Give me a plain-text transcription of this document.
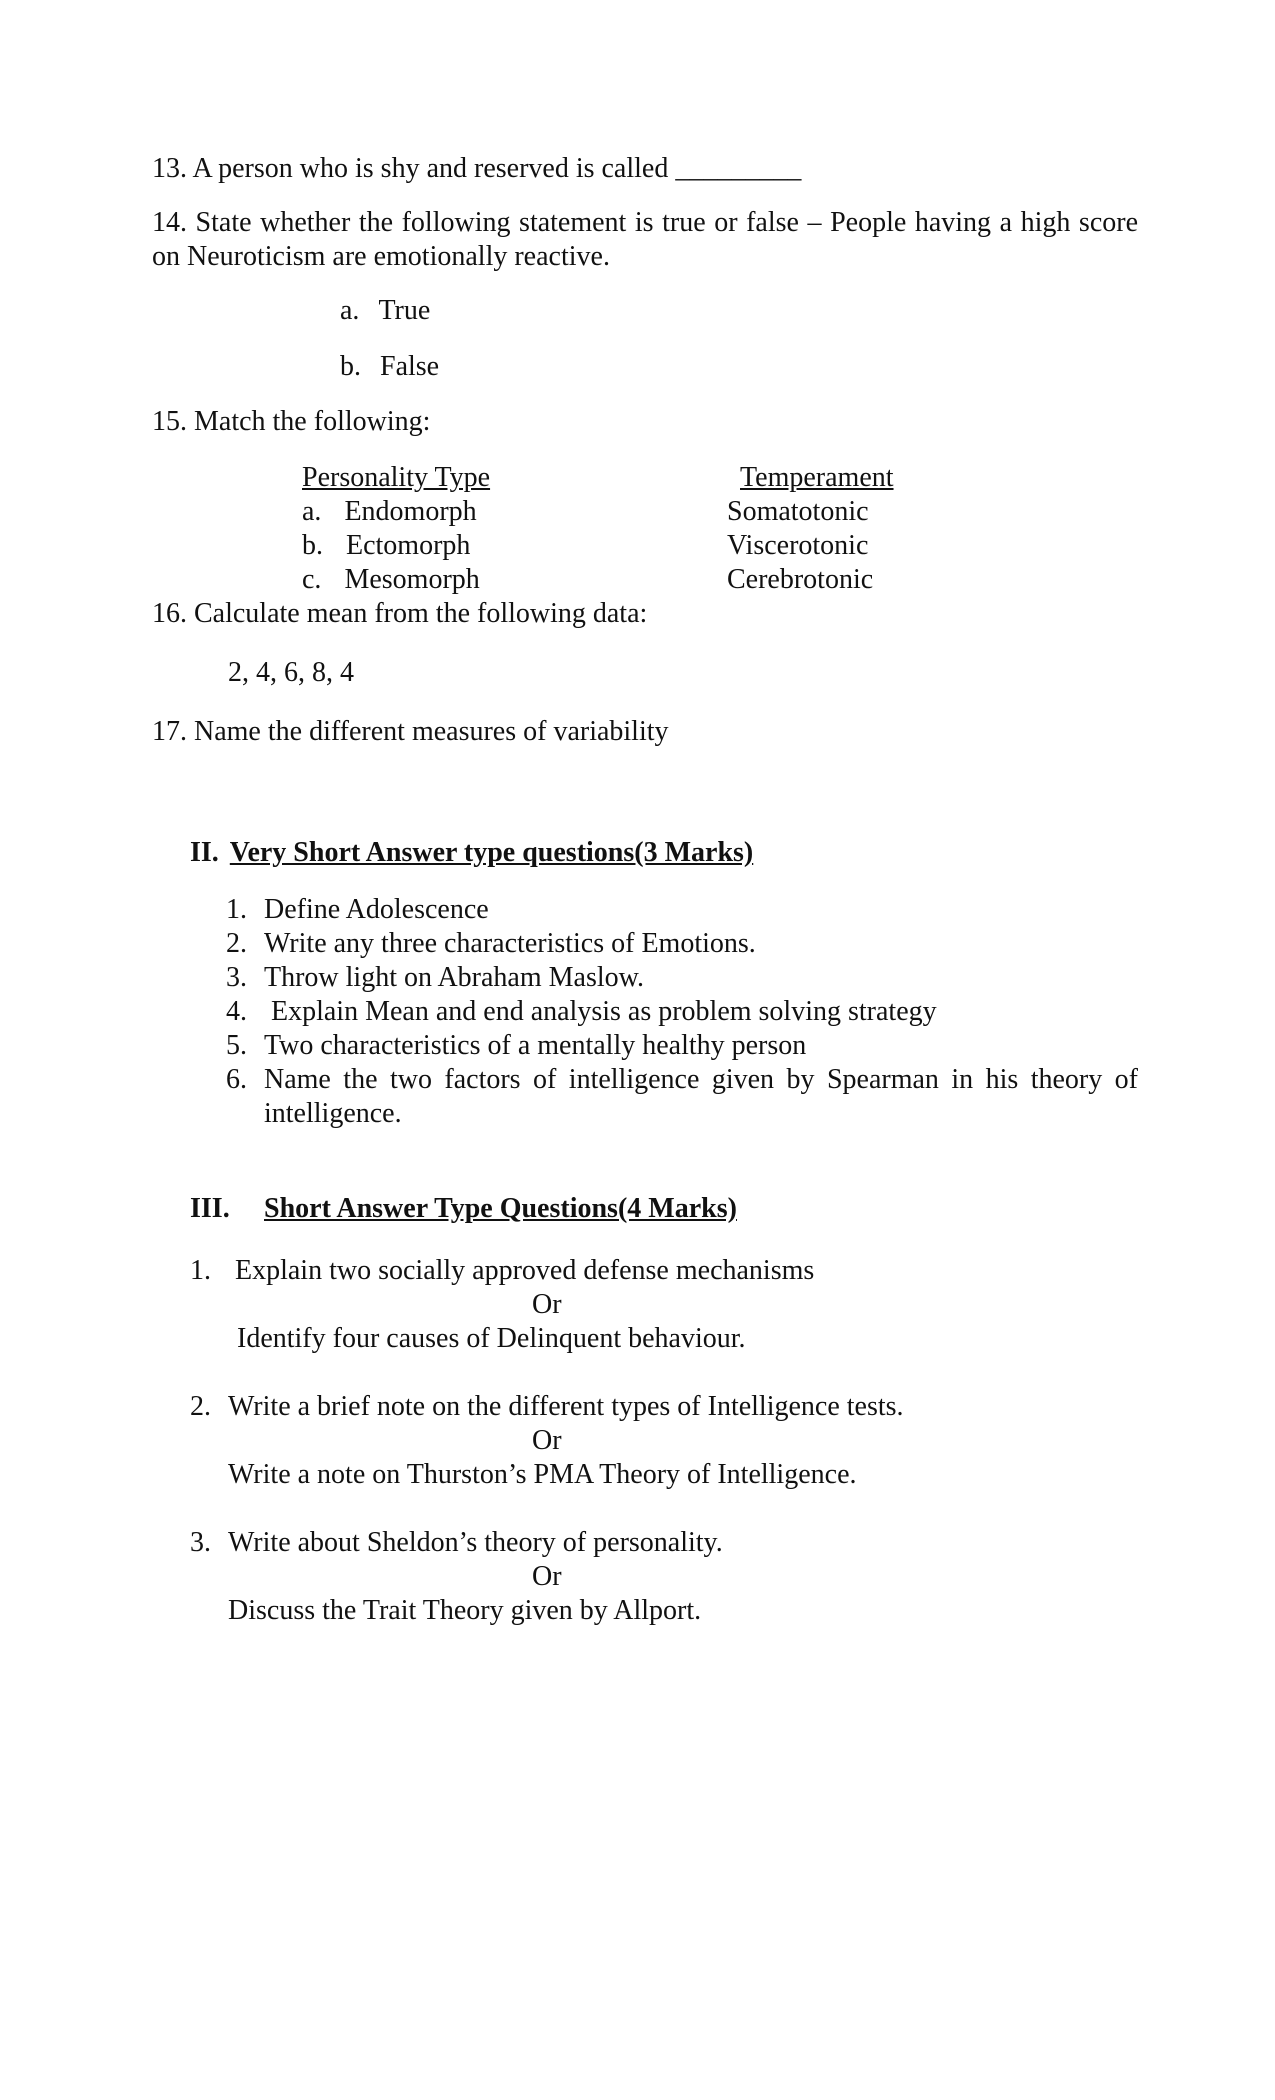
13. A person who is shy and reserved is called _________
14. State whether the following statement is true or false – People having a high score on Neuroticism are emotionally reactive.
a. True
b. False
15. Match the following:
Personality Type	Temperament
a. Endomorph	Somatotonic
b. Ectomorph	Viscerotonic
c. Mesomorph	Cerebrotonic
16. Calculate mean from the following data:
2, 4, 6, 8, 4
17. Name the different measures of variability
II. Very Short Answer type questions(3 Marks)
1. Define Adolescence
2. Write any three characteristics of Emotions.
3. Throw light on Abraham Maslow.
4. Explain Mean and end analysis as problem solving strategy
5. Two characteristics of a mentally healthy person
6. Name the two factors of intelligence given by Spearman in his theory of intelligence.
III. Short Answer Type Questions(4 Marks)
1. Explain two socially approved defense mechanisms
Or
Identify four causes of Delinquent behaviour.
2. Write a brief note on the different types of Intelligence tests.
Or
Write a note on Thurston’s PMA Theory of Intelligence.
3. Write about Sheldon’s theory of personality.
Or
Discuss the Trait Theory given by Allport.
